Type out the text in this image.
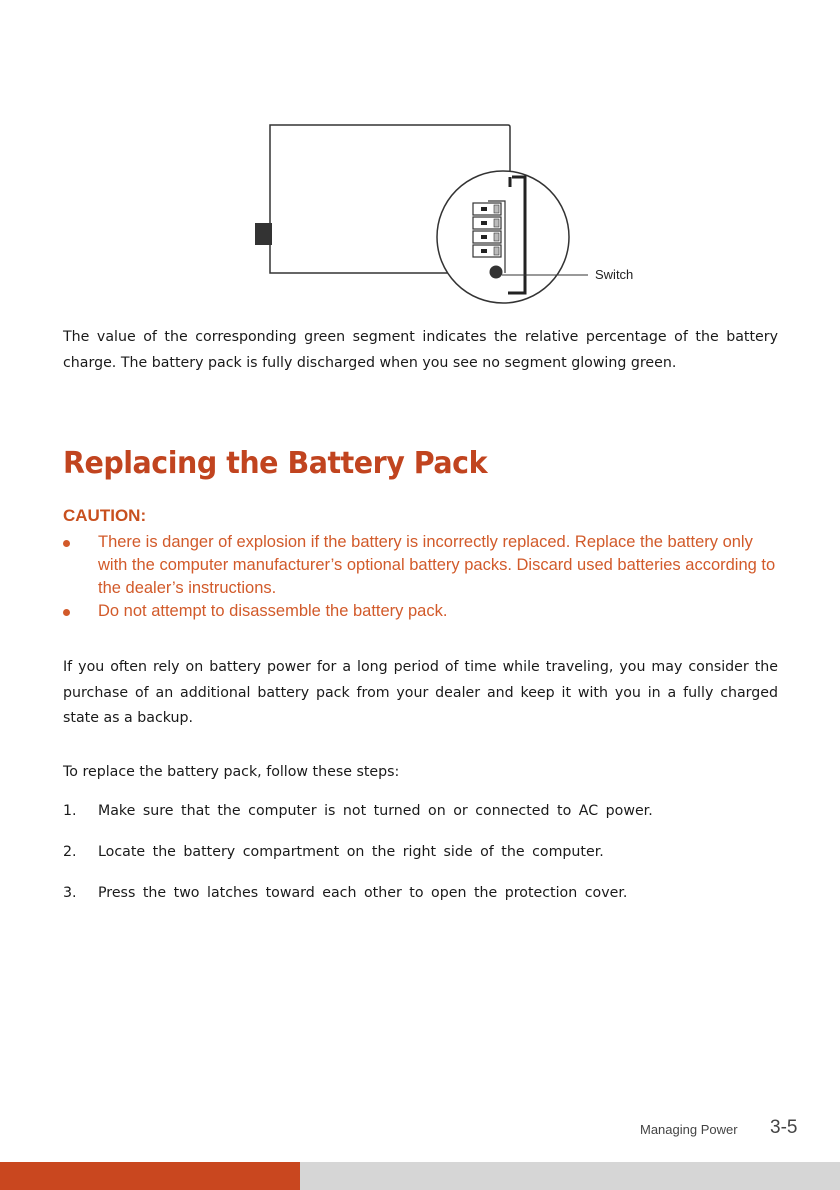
Switch

The value of the corresponding green segment indicates the relative percentage of the battery charge. The battery pack is fully discharged when you see no segment glowing green.

Replacing the Battery Pack
CAUTION:
There is danger of explosion if the battery is incorrectly replaced. Replace the battery only with the computer manufacturer’s optional battery packs. Discard used batteries according to the dealer’s instructions.
Do not attempt to disassemble the battery pack.

If you often rely on battery power for a long period of time while traveling, you may consider the purchase of an additional battery pack from your dealer and keep it with you in a fully charged state as a backup.

To replace the battery pack, follow these steps:

1. Make sure that the computer is not turned on or connected to AC power.
2. Locate the battery compartment on the right side of the computer.
3. Press the two latches toward each other to open the protection cover.
Managing Power 3-5
